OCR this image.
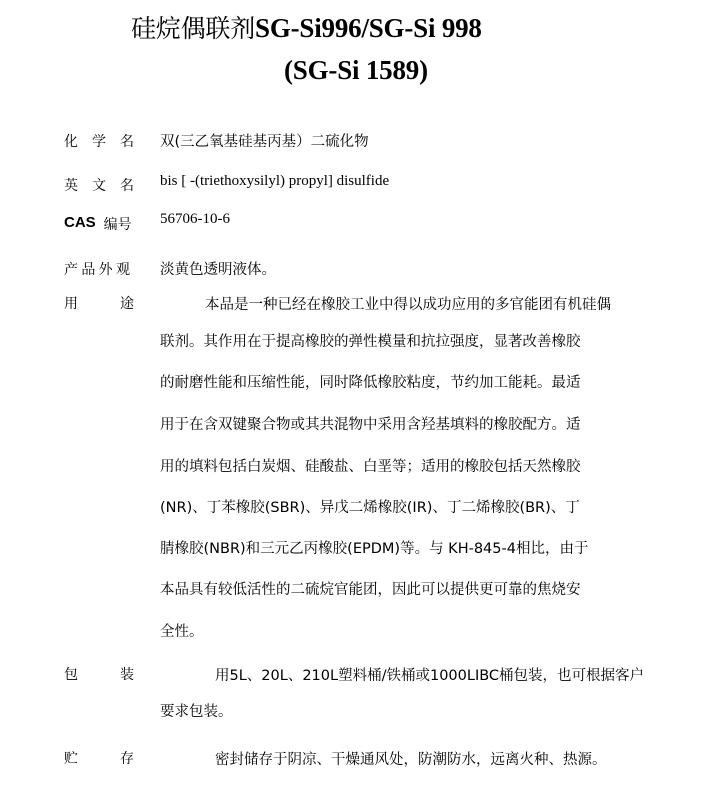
硅烷偶联剂SG-Si996/SG-Si 998
(SG-Si 1589)
化 学 名 双(三乙氧基硅基丙基）二硫化物
英 文 名 bis [ -(triethoxysilyl) propyl] disulfide
CAS 编号 56706-10-6
产 品 外 观 淡黄色透明液体。
用	途	本品是一种已经在橡胶工业中得以成功应用的多官能团有机硅偶
联剂。其作用在于提高橡胶的弹性模量和抗拉强度，显著改善橡胶
的耐磨性能和压缩性能，同时降低橡胶粘度，节约加工能耗。最适
用于在含双键聚合物或其共混物中采用含羟基填料的橡胶配方。适
用的填料包括白炭烟、硅酸盐、白垩等；适用的橡胶包括天然橡胶
(NR)、丁苯橡胶(SBR)、异戊二烯橡胶(IR)、丁二烯橡胶(BR)、丁
腈橡胶(NBR)和三元乙丙橡胶(EPDM)等。与 KH-845-4相比，由于
本品具有较低活性的二硫烷官能团，因此可以提供更可靠的焦烧安
全性。
包	装	用5L、20L、210L塑料桶/铁桶或1000LIBC桶包装，也可根据客户
要求包装。
贮	存	密封储存于阴凉、干燥通风处，防潮防水，远离火种、热源。
